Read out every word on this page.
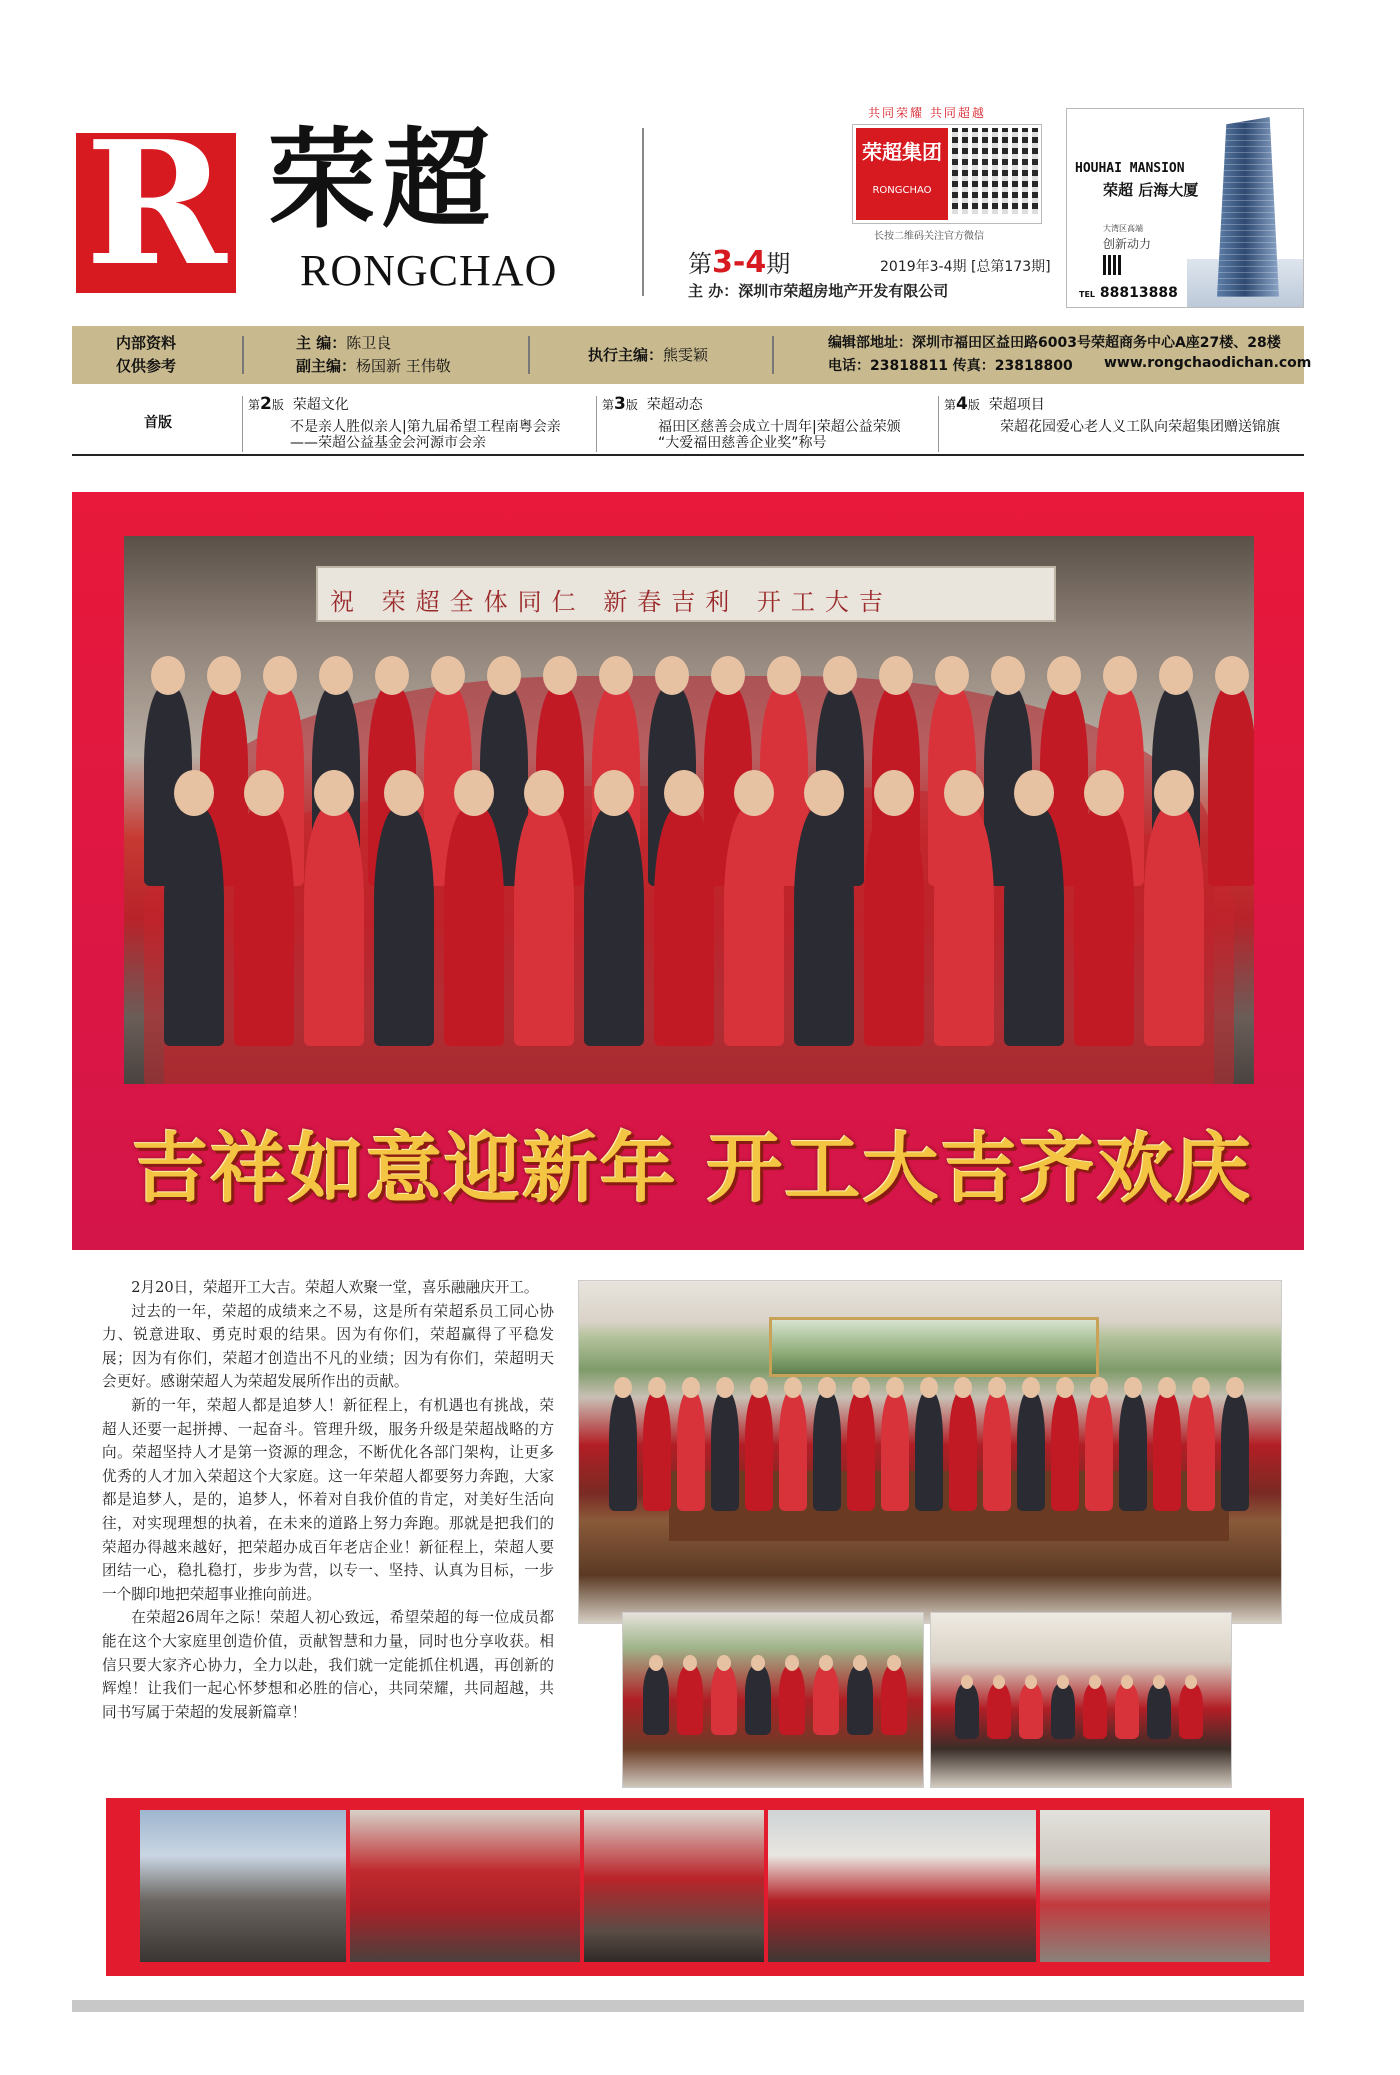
R 荣超
RONGCHAO
共同荣耀 共同超越
荣超集团
RONGCHAO
长按二维码关注官方微信
第3-4期	2019年3-4期 [总第173期]
主 办：深圳市荣超房地产开发有限公司
HOUHAI MANSION
荣超 后海大厦
大湾区高端
创新动力
TEL 88813888
内部资料
仅供参考
主 编：陈卫良
副主编：杨国新 王伟敬
执行主编：熊雯颖
编辑部地址：深圳市福田区益田路6003号荣超商务中心A座27楼、28楼
电话：23818811 传真：23818800 www.rongchaodichan.com
首版
第2版 荣超文化
不是亲人胜似亲人|第九届希望工程南粤会亲
——荣超公益基金会河源市会亲
第3版 荣超动态
福田区慈善会成立十周年|荣超公益荣颁
“大爱福田慈善企业奖”称号
第4版 荣超项目
荣超花园爱心老人义工队向荣超集团赠送锦旗
祝 荣超全体同仁 新春吉利 开工大吉
吉祥如意迎新年 开工大吉齐欢庆

2月20日，荣超开工大吉。荣超人欢聚一堂，喜乐融融庆开工。

过去的一年，荣超的成绩来之不易，这是所有荣超系员工同心协力、锐意进取、勇克时艰的结果。因为有你们，荣超赢得了平稳发展；因为有你们，荣超才创造出不凡的业绩；因为有你们，荣超明天会更好。感谢荣超人为荣超发展所作出的贡献。

新的一年，荣超人都是追梦人！新征程上，有机遇也有挑战，荣超人还要一起拼搏、一起奋斗。管理升级，服务升级是荣超战略的方向。荣超坚持人才是第一资源的理念，不断优化各部门架构，让更多优秀的人才加入荣超这个大家庭。这一年荣超人都要努力奔跑，大家都是追梦人，是的，追梦人，怀着对自我价值的肯定，对美好生活向往，对实现理想的执着，在未来的道路上努力奔跑。那就是把我们的荣超办得越来越好，把荣超办成百年老店企业！新征程上，荣超人要团结一心，稳扎稳打，步步为营，以专一、坚持、认真为目标，一步一个脚印地把荣超事业推向前进。

在荣超26周年之际！荣超人初心致远，希望荣超的每一位成员都能在这个大家庭里创造价值，贡献智慧和力量，同时也分享收获。相信只要大家齐心协力，全力以赴，我们就一定能抓住机遇，再创新的辉煌！让我们一起心怀梦想和必胜的信心，共同荣耀，共同超越，共同书写属于荣超的发展新篇章！
